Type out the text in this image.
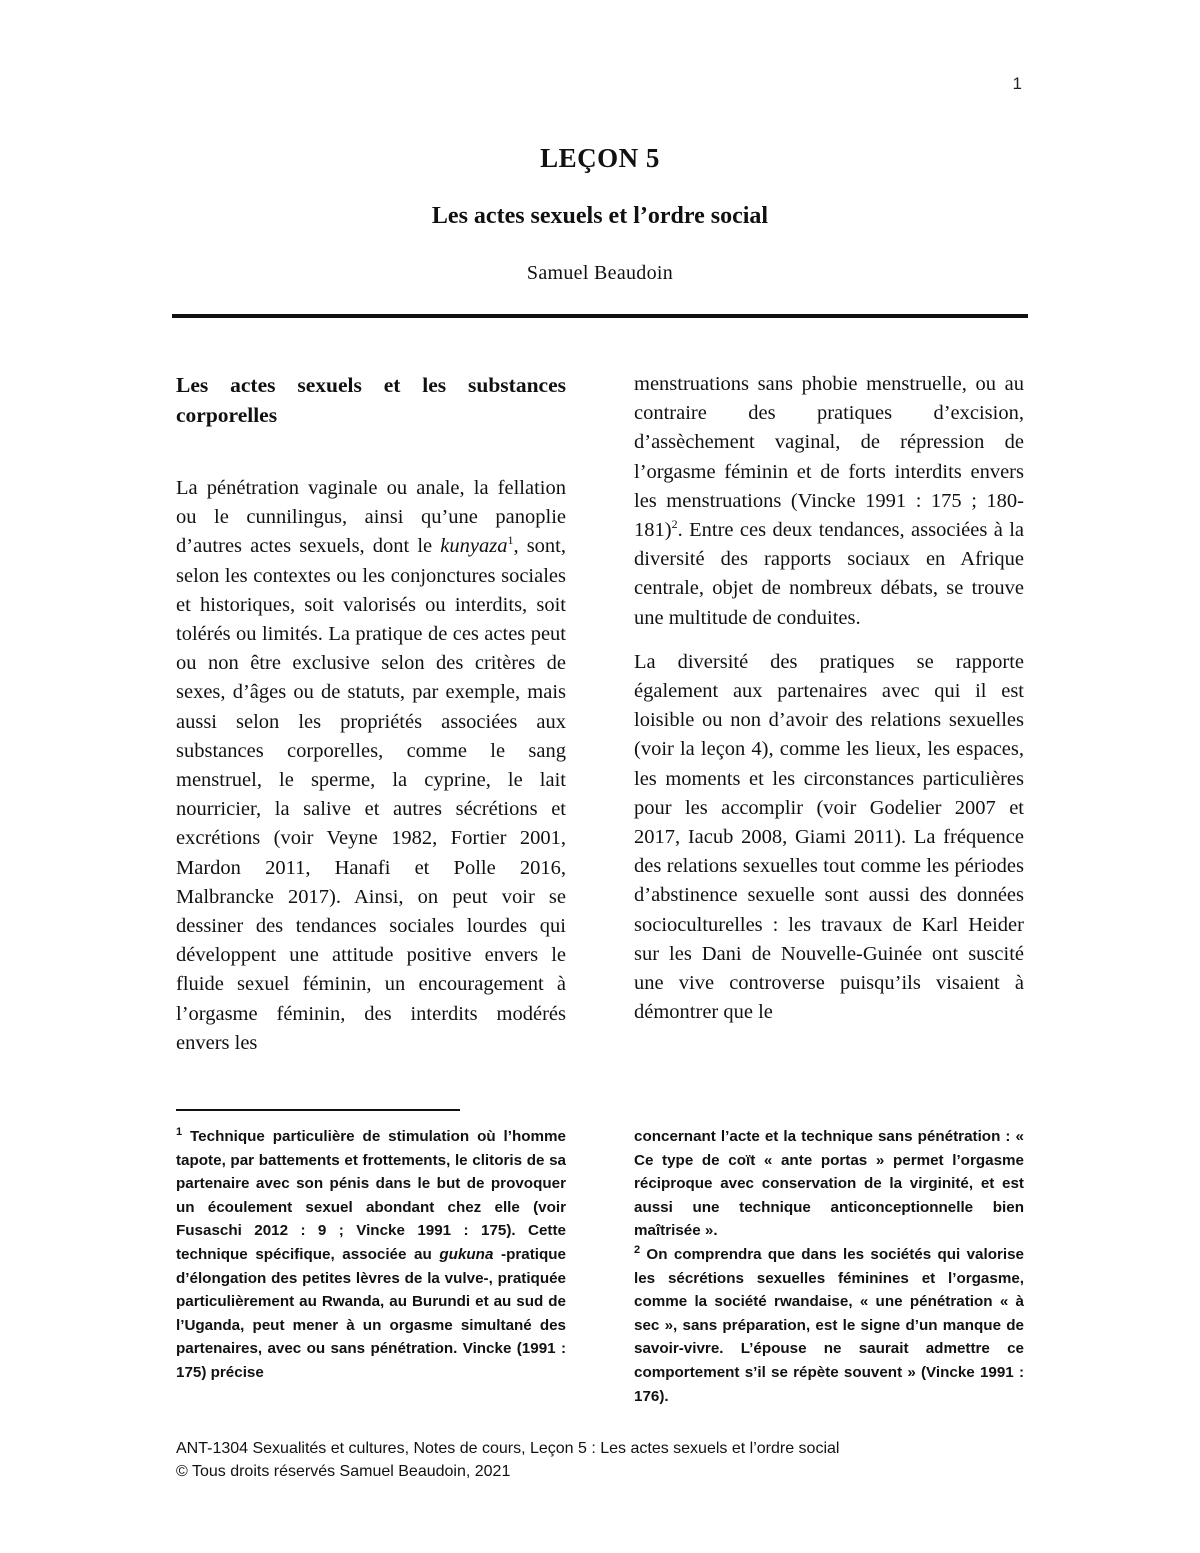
1
LEÇON 5
Les actes sexuels et l’ordre social
Samuel Beaudoin
Les actes sexuels et les substances corporelles

La pénétration vaginale ou anale, la fellation ou le cunnilingus, ainsi qu’une panoplie d’autres actes sexuels, dont le kunyaza$^1$, sont, selon les contextes ou les conjonctures sociales et historiques, soit valorisés ou interdits, soit tolérés ou limités. La pratique de ces actes peut ou non être exclusive selon des critères de sexes, d’âges ou de statuts, par exemple, mais aussi selon les propriétés associées aux substances corporelles, comme le sang menstruel, le sperme, la cyprine, le lait nourricier, la salive et autres sécrétions et excrétions (voir Veyne 1982, Fortier 2001, Mardon 2011, Hanafi et Polle 2016, Malbrancke 2017). Ainsi, on peut voir se dessiner des tendances sociales lourdes qui développent une attitude positive envers le fluide sexuel féminin, un encouragement à l’orgasme féminin, des interdits modérés envers les

menstruations sans phobie menstruelle, ou au contraire des pratiques d’excision, d’assèchement vaginal, de répression de l’orgasme féminin et de forts interdits envers les menstruations (Vincke 1991 : 175 ; 180-181)$^2$. Entre ces deux tendances, associées à la diversité des rapports sociaux en Afrique centrale, objet de nombreux débats, se trouve une multitude de conduites.

La diversité des pratiques se rapporte également aux partenaires avec qui il est loisible ou non d’avoir des relations sexuelles (voir la leçon 4), comme les lieux, les espaces, les moments et les circonstances particulières pour les accomplir (voir Godelier 2007 et 2017, Iacub 2008, Giami 2011). La fréquence des relations sexuelles tout comme les périodes d’abstinence sexuelle sont aussi des données socioculturelles : les travaux de Karl Heider sur les Dani de Nouvelle-Guinée ont suscité une vive controverse puisqu’ils visaient à démontrer que le

$^1$ Technique particulière de stimulation où l’homme tapote, par battements et frottements, le clitoris de sa partenaire avec son pénis dans le but de provoquer un écoulement sexuel abondant chez elle (voir Fusaschi 2012 : 9 ; Vincke 1991 : 175). Cette technique spécifique, associée au gukuna -pratique d’élongation des petites lèvres de la vulve-, pratiquée particulièrement au Rwanda, au Burundi et au sud de l’Uganda, peut mener à un orgasme simultané des partenaires, avec ou sans pénétration. Vincke (1991 : 175) précise

concernant l’acte et la technique sans pénétration : « Ce type de coït « ante portas » permet l’orgasme réciproque avec conservation de la virginité, et est aussi une technique anticonceptionnelle bien maîtrisée ».

$^2$ On comprendra que dans les sociétés qui valorise les sécrétions sexuelles féminines et l’orgasme, comme la société rwandaise, « une pénétration « à sec », sans préparation, est le signe d’un manque de savoir-vivre. L’épouse ne saurait admettre ce comportement s’il se répète souvent » (Vincke 1991 : 176).

ANT-1304 Sexualités et cultures, Notes de cours, Leçon 5 : Les actes sexuels et l’ordre social
© Tous droits réservés Samuel Beaudoin, 2021
